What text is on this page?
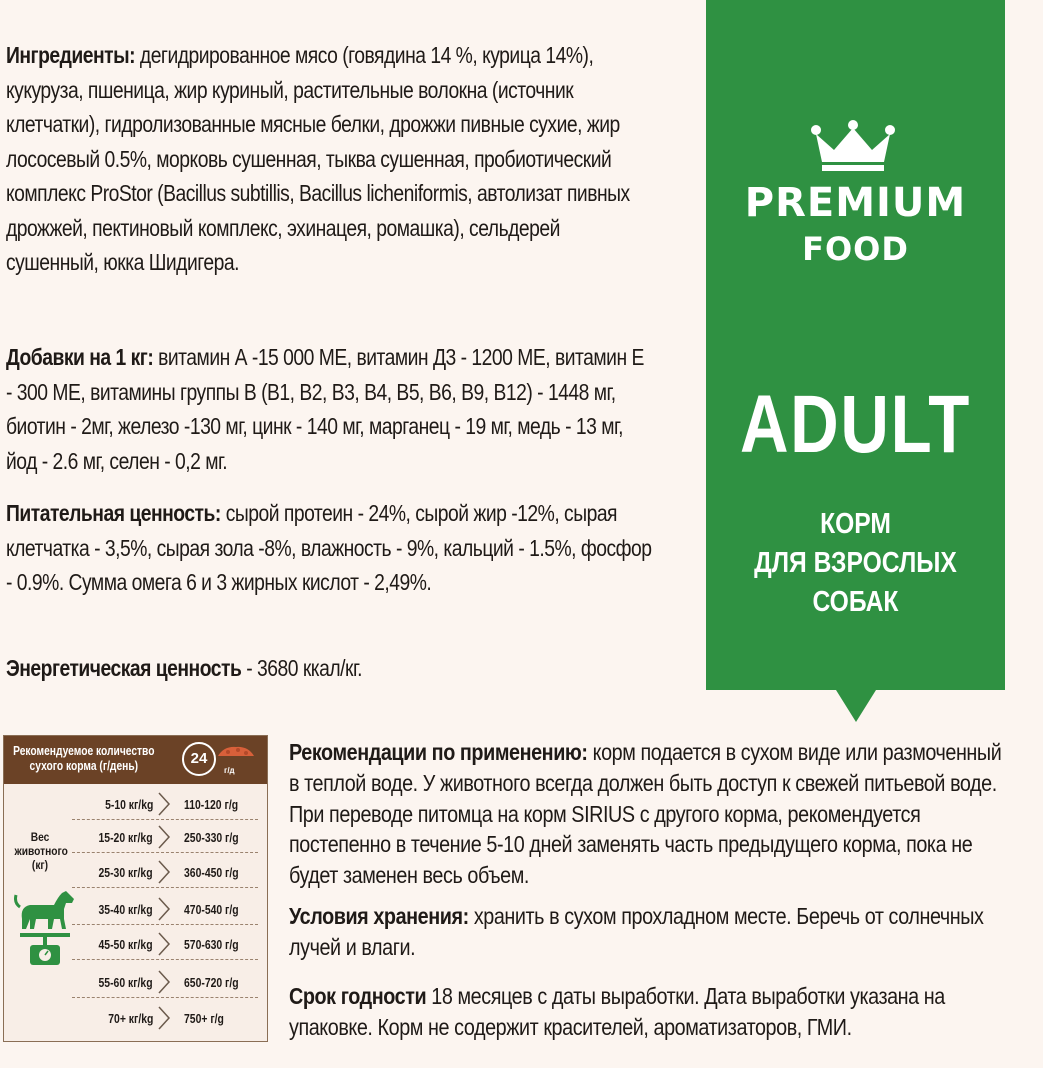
Ингредиенты: дегидрированное мясо (говядина 14 %, курица 14%), кукуруза, пшеница, жир куриный, растительные волокна (источник клетчатки), гидролизованные мясные белки, дрожжи пивные сухие, жир лососевый 0.5%, морковь сушенная, тыква сушенная, пробиотический комплекс ProStor (Bacillus subtillis, Bacillus licheniformis, автолизат пивных дрожжей, пектиновый комплекс, эхинацея, ромашка), сельдерей сушенный, юкка Шидигера.

Добавки на 1 кг: витамин А -15 000 МЕ, витамин Д3 - 1200 МЕ, витамин Е - 300 МЕ, витамины группы В (B1, B2, B3, B4, B5, B6, B9, B12) - 1448 мг, биотин - 2мг, железо -130 мг, цинк - 140 мг, марганец - 19 мг, медь - 13 мг, йод - 2.6 мг, селен - 0,2 мг.

Питательная ценность: сырой протеин - 24%, сырой жир -12%, сырая клетчатка - 3,5%, сырая зола -8%, влажность - 9%, кальций - 1.5%, фосфор - 0.9%. Сумма омега 6 и 3 жирных кислот - 2,49%.

Энергетическая ценность - 3680 ккал/кг.

PREMIUM
FOOD
ADULT
КОРМ
ДЛЯ ВЗРОСЛЫХ
СОБАК
Рекомендуемое количество сухого корма (г/день)	24
г/д
5-10 кг/kg 110-120 г/g
15-20 кг/kg 250-330 г/g
25-30 кг/kg 360-450 г/g
35-40 кг/kg 470-540 г/g
45-50 кг/kg 570-630 г/g
55-60 кг/kg 650-720 г/g
70+ кг/kg 750+ г/g
Вес животного (кг)

Рекомендации по применению: корм подается в сухом виде или размоченный в теплой воде. У животного всегда должен быть доступ к свежей питьевой воде. При переводе питомца на корм SIRIUS с другого корма, рекомендуется постепенно в течение 5-10 дней заменять часть предыдущего корма, пока не будет заменен весь объем.

Условия хранения: хранить в сухом прохладном месте. Беречь от солнечных лучей и влаги.

Срок годности 18 месяцев с даты выработки. Дата выработки указана на упаковке. Корм не содержит красителей, ароматизаторов, ГМИ.
